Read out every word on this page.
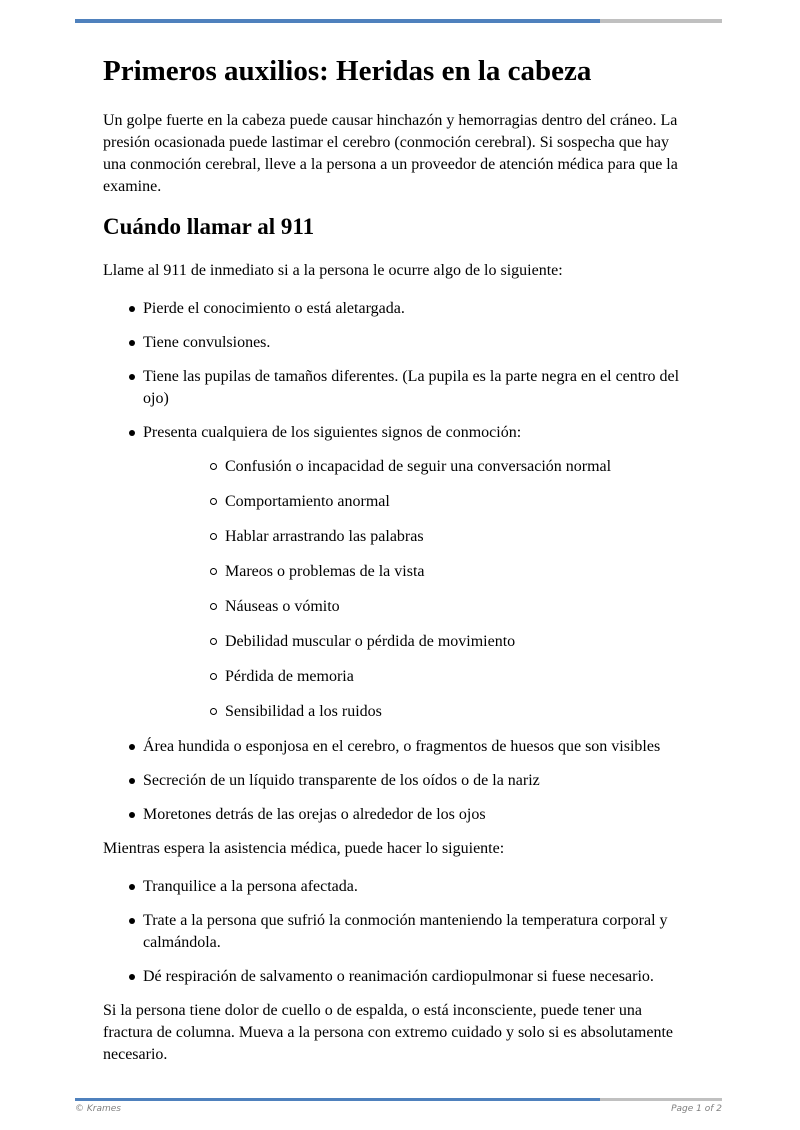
Primeros auxilios: Heridas en la cabeza

Un golpe fuerte en la cabeza puede causar hinchazón y hemorragias dentro del cráneo. La presión ocasionada puede lastimar el cerebro (conmoción cerebral). Si sospecha que hay una conmoción cerebral, lleve a la persona a un proveedor de atención médica para que la examine.

Cuándo llamar al 911

Llame al 911 de inmediato si a la persona le ocurre algo de lo siguiente:

Pierde el conocimiento o está aletargada.
Tiene convulsiones.
Tiene las pupilas de tamaños diferentes. (La pupila es la parte negra en el centro del ojo)
Presenta cualquiera de los siguientes signos de conmoción:
Confusión o incapacidad de seguir una conversación normal
Comportamiento anormal
Hablar arrastrando las palabras
Mareos o problemas de la vista
Náuseas o vómito
Debilidad muscular o pérdida de movimiento
Pérdida de memoria
Sensibilidad a los ruidos
Área hundida o esponjosa en el cerebro, o fragmentos de huesos que son visibles
Secreción de un líquido transparente de los oídos o de la nariz
Moretones detrás de las orejas o alrededor de los ojos

Mientras espera la asistencia médica, puede hacer lo siguiente:

Tranquilice a la persona afectada.
Trate a la persona que sufrió la conmoción manteniendo la temperatura corporal y calmándola.
Dé respiración de salvamento o reanimación cardiopulmonar si fuese necesario.

Si la persona tiene dolor de cuello o de espalda, o está inconsciente, puede tener una fractura de columna. Mueva a la persona con extremo cuidado y solo si es absolutamente necesario.

© Krames	Page 1 of 2
